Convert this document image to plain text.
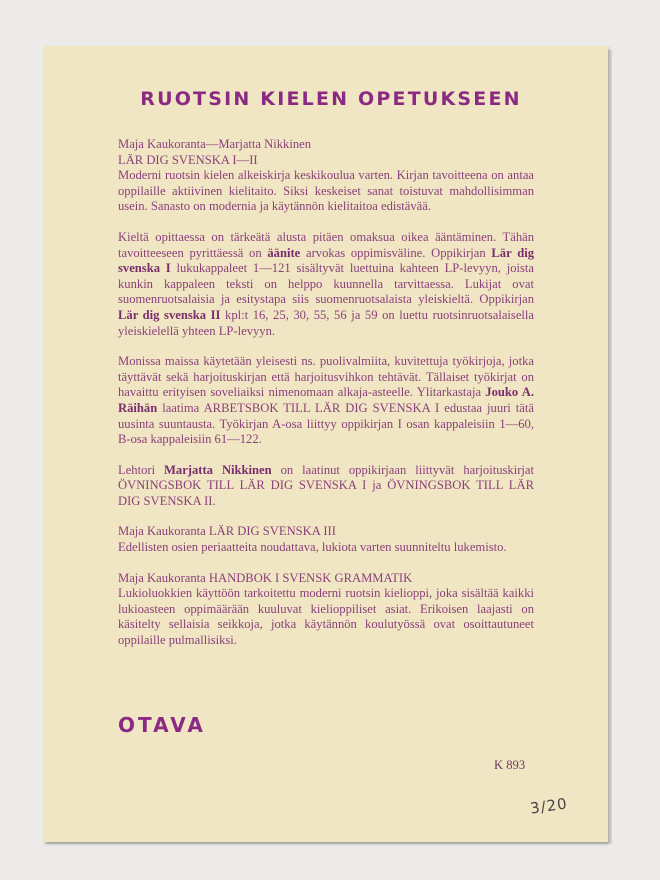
RUOTSIN KIELEN OPETUKSEEN

Maja Kaukoranta—Marjatta Nikkinen

LÄR DIG SVENSKA I—II

Moderni ruotsin kielen alkeiskirja keskikoulua varten. Kirjan tavoitteena on antaa oppilaille aktiivinen kielitaito. Siksi keskeiset sanat toistuvat mahdollisimman usein. Sanasto on modernia ja käytännön kielitaitoa edistävää.

Kieltä opittaessa on tärkeätä alusta pitäen omaksua oikea ääntäminen. Tähän tavoitteeseen pyrittäessä on äänite arvokas oppimisväline. Oppikirjan Lär dig svenska I lukukappaleet 1—121 sisältyvät luettuina kahteen LP-levyyn, joista kunkin kappaleen teksti on helppo kuunnella tarvittaessa. Lukijat ovat suomenruotsalaisia ja esitystapa siis suomenruotsalaista yleiskieltä. Oppikirjan Lär dig svenska II kpl:t 16, 25, 30, 55, 56 ja 59 on luettu ruotsinruotsalaisella yleiskielellä yhteen LP-levyyn.

Monissa maissa käytetään yleisesti ns. puolivalmiita, kuvitettuja työkirjoja, jotka täyttävät sekä harjoituskirjan että harjoitusvihkon tehtävät. Tällaiset työkirjat on havaittu erityisen soveliaiksi nimenomaan alkaja-asteelle. Ylitarkastaja Jouko A. Räihän laatima ARBETSBOK TILL LÄR DIG SVENSKA I edustaa juuri tätä uusinta suuntausta. Työkirjan A-osa liittyy oppikirjan I osan kappaleisiin 1—60, B-osa kappaleisiin 61—122.

Lehtori Marjatta Nikkinen on laatinut oppikirjaan liittyvät harjoituskirjat ÖVNINGSBOK TILL LÄR DIG SVENSKA I ja ÖVNINGSBOK TILL LÄR DIG SVENSKA II.

Maja Kaukoranta LÄR DIG SVENSKA III

Edellisten osien periaatteita noudattava, lukiota varten suunniteltu lukemisto.

Maja Kaukoranta HANDBOK I SVENSK GRAMMATIK

Lukioluokkien käyttöön tarkoitettu moderni ruotsin kielioppi, joka sisältää kaikki lukioasteen oppimäärään kuuluvat kielioppiliset asiat. Erikoisen laajasti on käsitelty sellaisia seikkoja, jotka käytännön koulutyössä ovat osoittautuneet oppilaille pulmallisiksi.

OTAVA
K 893
3/20
